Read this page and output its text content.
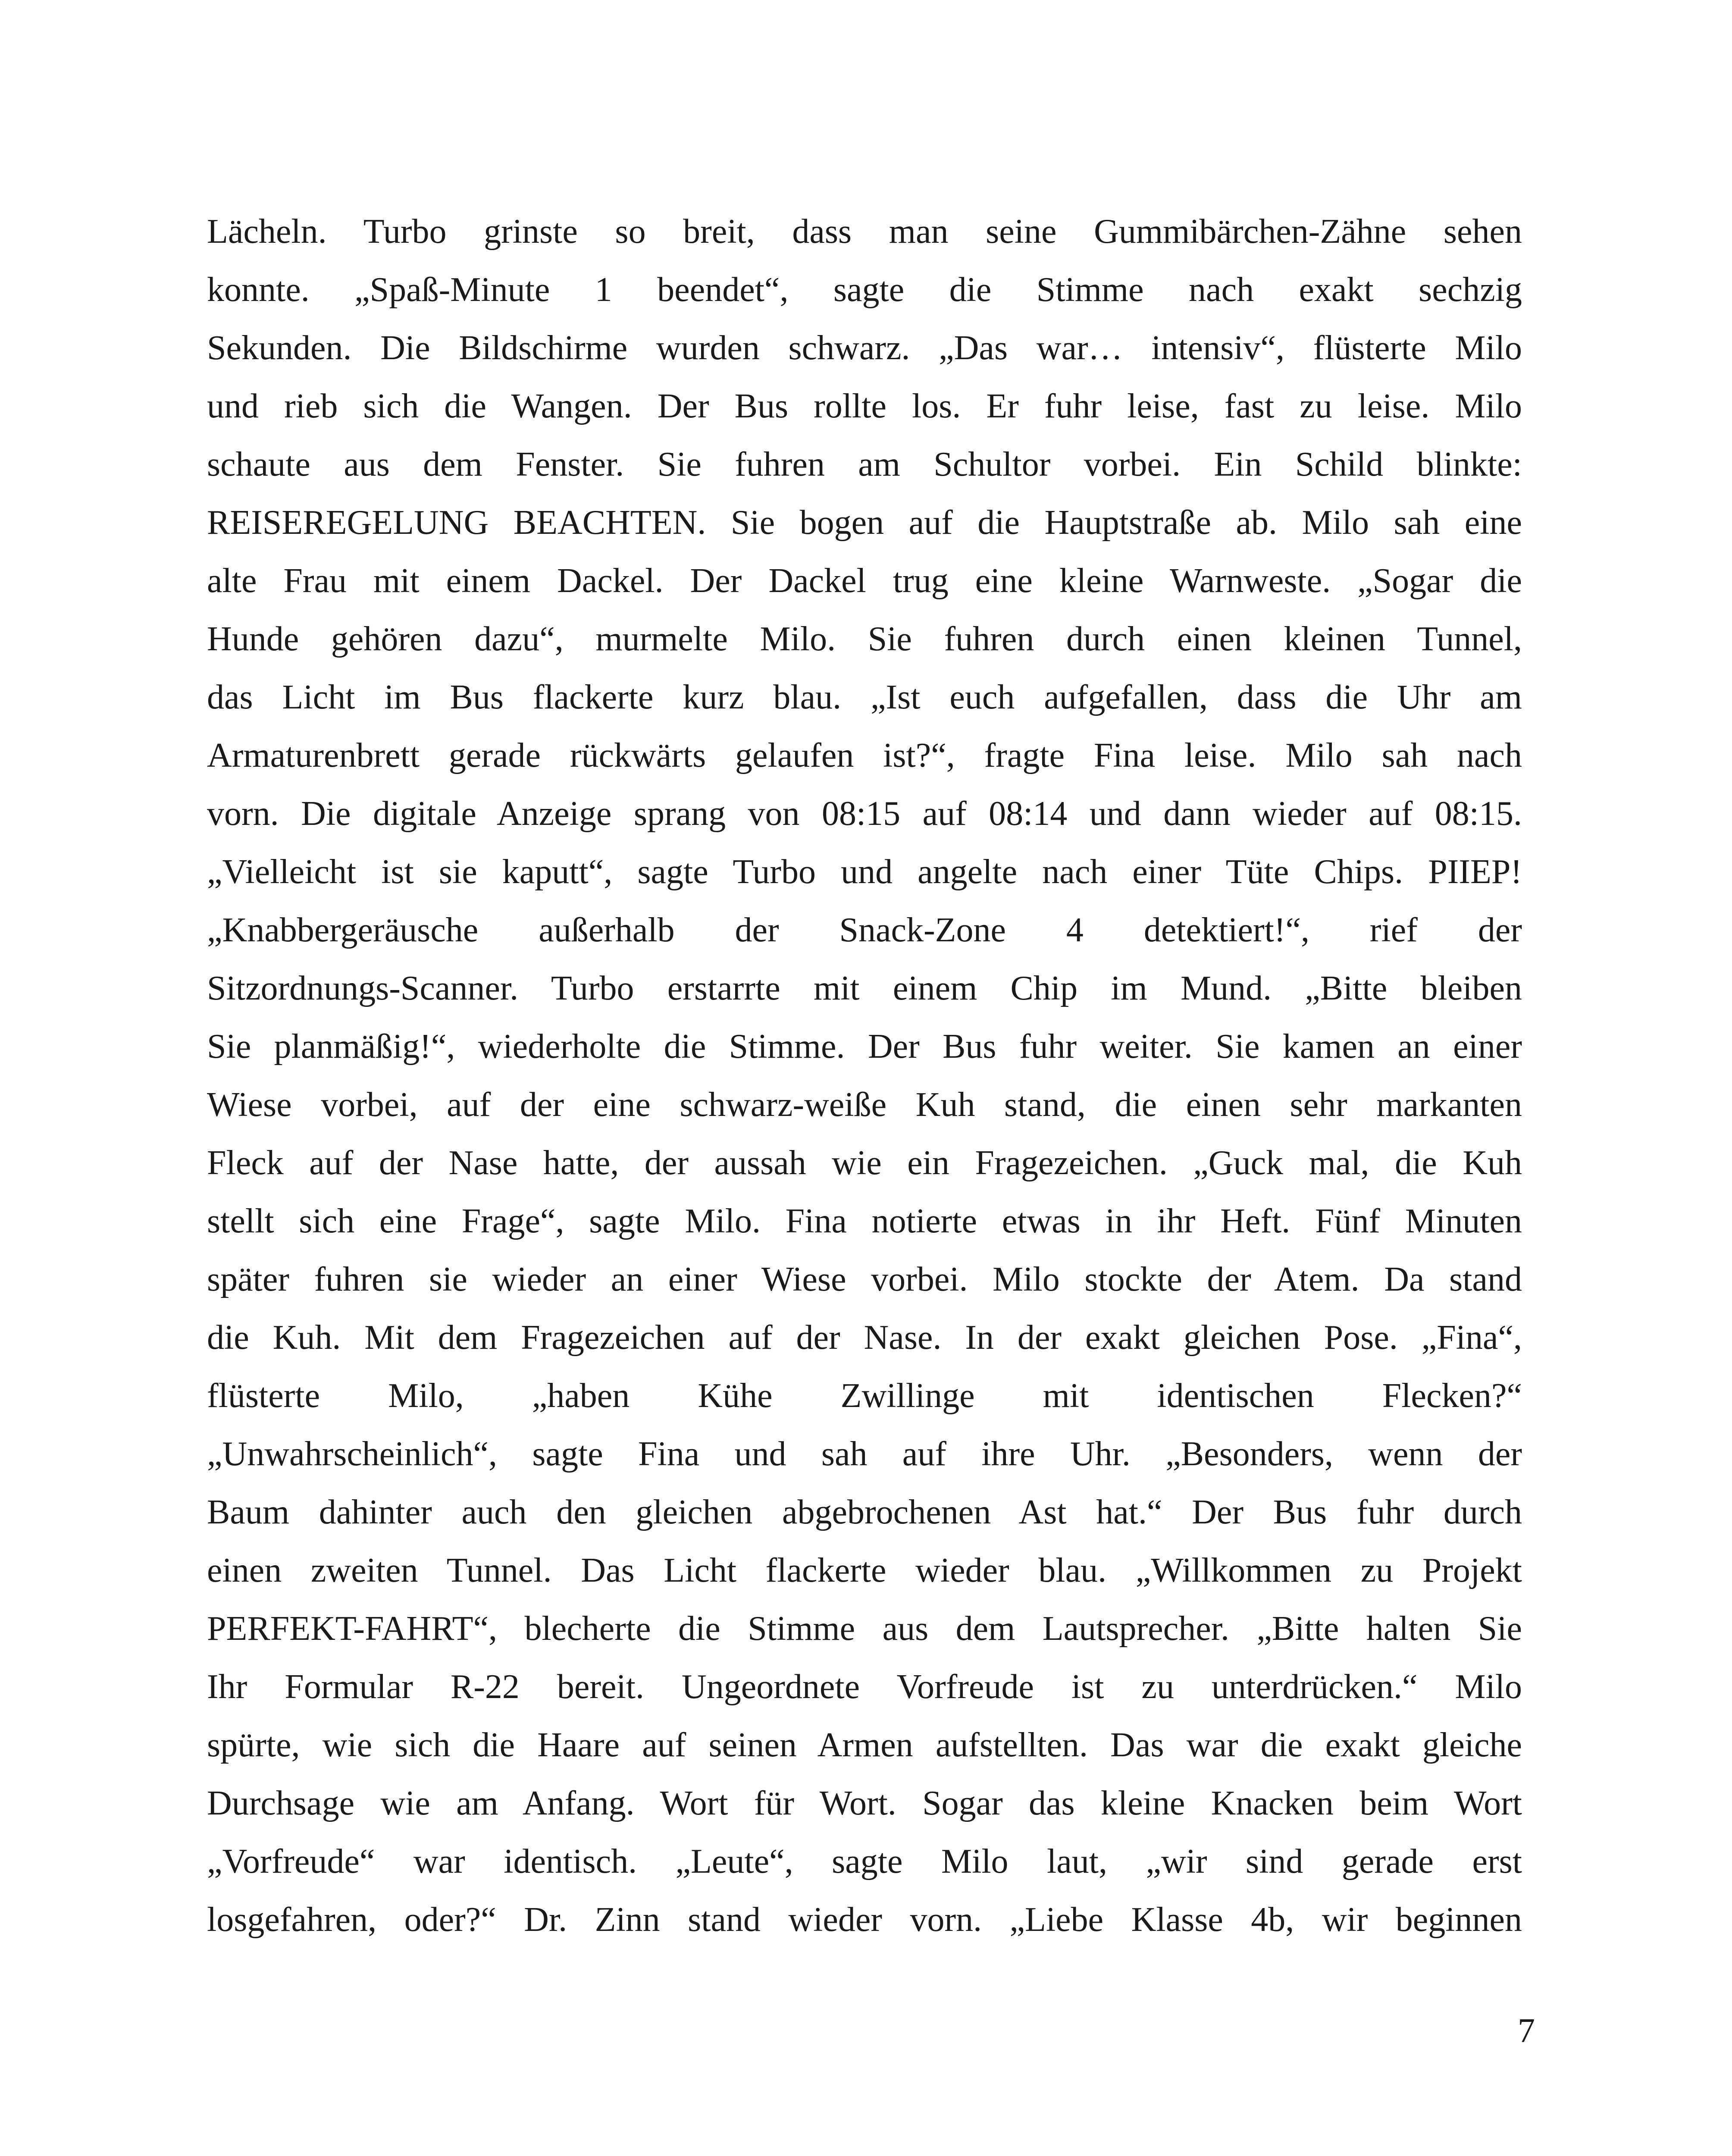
Lächeln. Turbo grinste so breit, dass man seine Gummibärchen-Zähne sehen
konnte. „Spaß-Minute 1 beendet“, sagte die Stimme nach exakt sechzig
Sekunden. Die Bildschirme wurden schwarz. „Das war… intensiv“, flüsterte Milo
und rieb sich die Wangen. Der Bus rollte los. Er fuhr leise, fast zu leise. Milo
schaute aus dem Fenster. Sie fuhren am Schultor vorbei. Ein Schild blinkte:
REISEREGELUNG BEACHTEN. Sie bogen auf die Hauptstraße ab. Milo sah eine
alte Frau mit einem Dackel. Der Dackel trug eine kleine Warnweste. „Sogar die
Hunde gehören dazu“, murmelte Milo. Sie fuhren durch einen kleinen Tunnel,
das Licht im Bus flackerte kurz blau. „Ist euch aufgefallen, dass die Uhr am
Armaturenbrett gerade rückwärts gelaufen ist?“, fragte Fina leise. Milo sah nach
vorn. Die digitale Anzeige sprang von 08:15 auf 08:14 und dann wieder auf 08:15.
„Vielleicht ist sie kaputt“, sagte Turbo und angelte nach einer Tüte Chips. PIIEP!
„Knabbergeräusche außerhalb der Snack-Zone 4 detektiert!“, rief der
Sitzordnungs-Scanner. Turbo erstarrte mit einem Chip im Mund. „Bitte bleiben
Sie planmäßig!“, wiederholte die Stimme. Der Bus fuhr weiter. Sie kamen an einer
Wiese vorbei, auf der eine schwarz-weiße Kuh stand, die einen sehr markanten
Fleck auf der Nase hatte, der aussah wie ein Fragezeichen. „Guck mal, die Kuh
stellt sich eine Frage“, sagte Milo. Fina notierte etwas in ihr Heft. Fünf Minuten
später fuhren sie wieder an einer Wiese vorbei. Milo stockte der Atem. Da stand
die Kuh. Mit dem Fragezeichen auf der Nase. In der exakt gleichen Pose. „Fina“,
flüsterte Milo, „haben Kühe Zwillinge mit identischen Flecken?“
„Unwahrscheinlich“, sagte Fina und sah auf ihre Uhr. „Besonders, wenn der
Baum dahinter auch den gleichen abgebrochenen Ast hat.“ Der Bus fuhr durch
einen zweiten Tunnel. Das Licht flackerte wieder blau. „Willkommen zu Projekt
PERFEKT-FAHRT“, blecherte die Stimme aus dem Lautsprecher. „Bitte halten Sie
Ihr Formular R-22 bereit. Ungeordnete Vorfreude ist zu unterdrücken.“ Milo
spürte, wie sich die Haare auf seinen Armen aufstellten. Das war die exakt gleiche
Durchsage wie am Anfang. Wort für Wort. Sogar das kleine Knacken beim Wort
„Vorfreude“ war identisch. „Leute“, sagte Milo laut, „wir sind gerade erst
losgefahren, oder?“ Dr. Zinn stand wieder vorn. „Liebe Klasse 4b, wir beginnen
7
